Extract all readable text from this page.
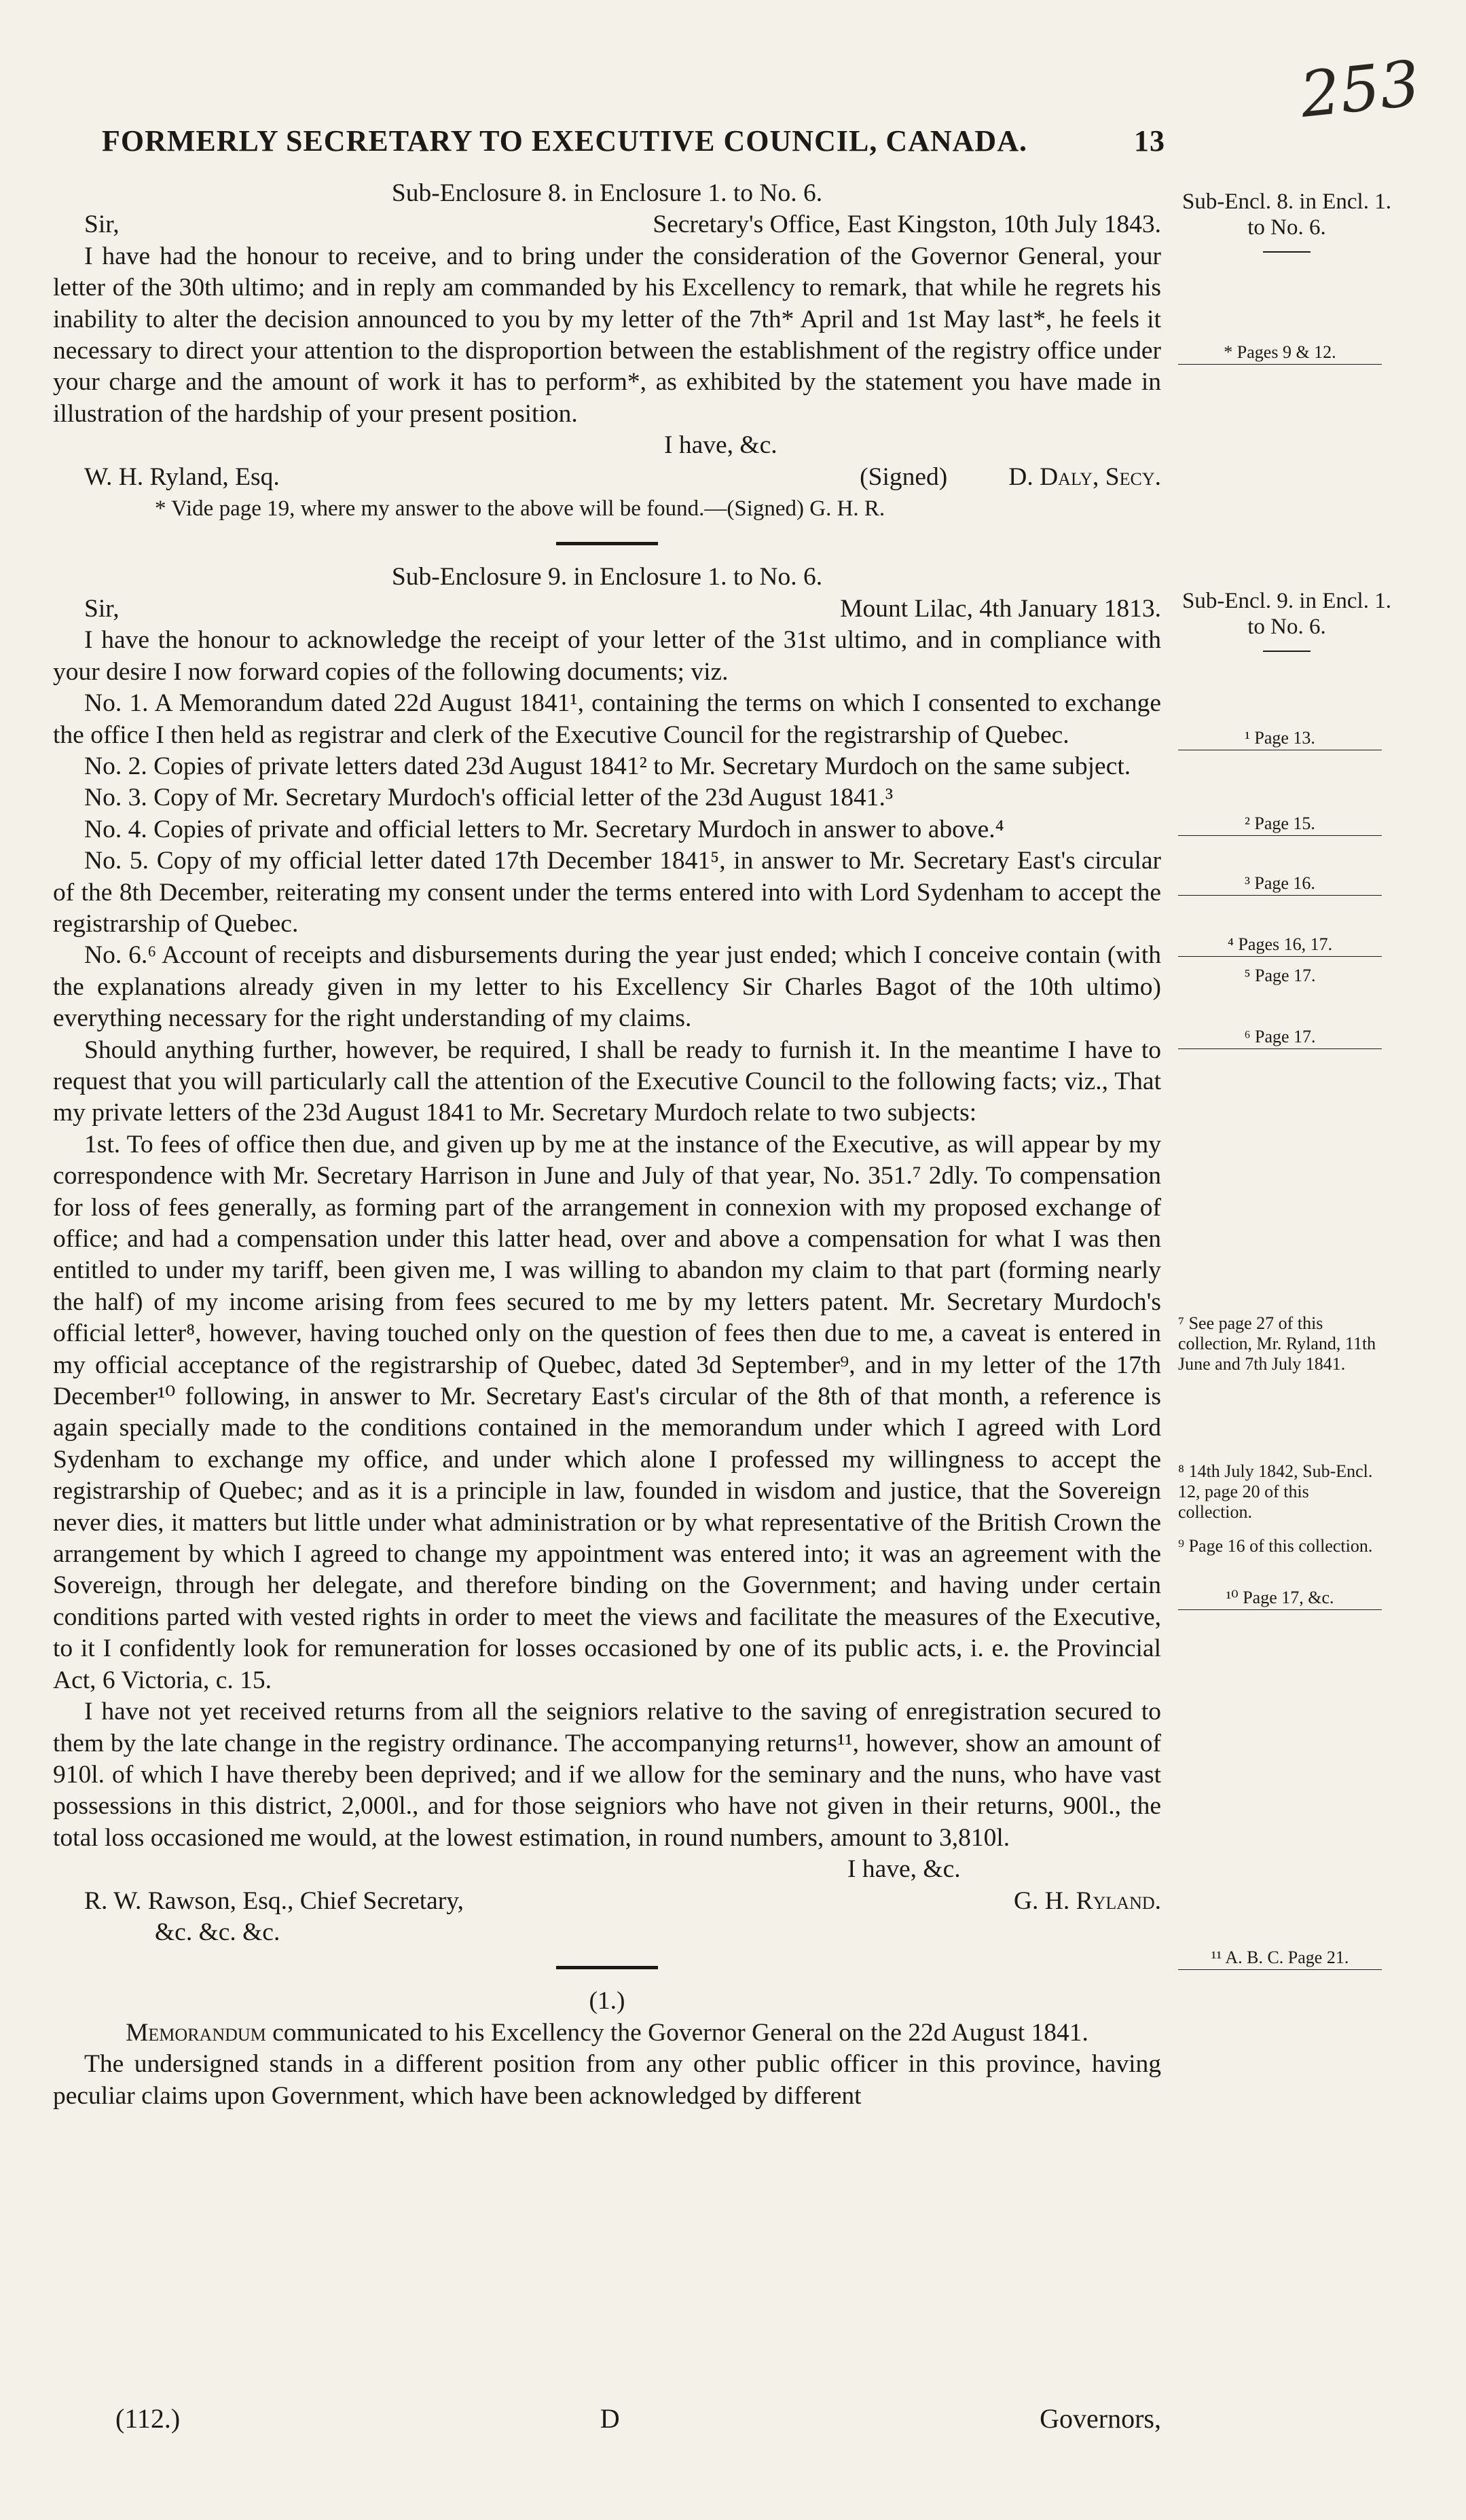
253
FORMERLY SECRETARY TO EXECUTIVE COUNCIL, CANADA.	13

Sub-Enclosure 8. in Enclosure 1. to No. 6.

Sir,	Secretary's Office, East Kingston, 10th July 1843.

I have had the honour to receive, and to bring under the consideration of the Governor General, your letter of the 30th ultimo; and in reply am commanded by his Excellency to remark, that while he regrets his inability to alter the decision announced to you by my letter of the 7th* April and 1st May last*, he feels it necessary to direct your attention to the disproportion between the establishment of the registry office under your charge and the amount of work it has to perform*, as exhibited by the statement you have made in illustration of the hardship of your present position.

I have, &c.

W. H. Ryland, Esq.	(Signed) D. Daly, Secy.

* Vide page 19, where my answer to the above will be found.—(Signed) G. H. R.

Sub-Enclosure 9. in Enclosure 1. to No. 6.

Sir,	Mount Lilac, 4th January 1813.

I have the honour to acknowledge the receipt of your letter of the 31st ultimo, and in compliance with your desire I now forward copies of the following documents; viz.

No. 1. A Memorandum dated 22d August 1841¹, containing the terms on which I consented to exchange the office I then held as registrar and clerk of the Executive Council for the registrarship of Quebec.

No. 2. Copies of private letters dated 23d August 1841² to Mr. Secretary Murdoch on the same subject.

No. 3. Copy of Mr. Secretary Murdoch's official letter of the 23d August 1841.³

No. 4. Copies of private and official letters to Mr. Secretary Murdoch in answer to above.⁴

No. 5. Copy of my official letter dated 17th December 1841⁵, in answer to Mr. Secretary East's circular of the 8th December, reiterating my consent under the terms entered into with Lord Sydenham to accept the registrarship of Quebec.

No. 6.⁶ Account of receipts and disbursements during the year just ended; which I conceive contain (with the explanations already given in my letter to his Excellency Sir Charles Bagot of the 10th ultimo) everything necessary for the right understanding of my claims.

Should anything further, however, be required, I shall be ready to furnish it. In the meantime I have to request that you will particularly call the attention of the Executive Council to the following facts; viz., That my private letters of the 23d August 1841 to Mr. Secretary Murdoch relate to two subjects:

1st. To fees of office then due, and given up by me at the instance of the Executive, as will appear by my correspondence with Mr. Secretary Harrison in June and July of that year, No. 351.⁷ 2dly. To compensation for loss of fees generally, as forming part of the arrangement in connexion with my proposed exchange of office; and had a compensation under this latter head, over and above a compensation for what I was then entitled to under my tariff, been given me, I was willing to abandon my claim to that part (forming nearly the half) of my income arising from fees secured to me by my letters patent. Mr. Secretary Murdoch's official letter⁸, however, having touched only on the question of fees then due to me, a caveat is entered in my official acceptance of the registrarship of Quebec, dated 3d September⁹, and in my letter of the 17th December¹⁰ following, in answer to Mr. Secretary East's circular of the 8th of that month, a reference is again specially made to the conditions contained in the memorandum under which I agreed with Lord Sydenham to exchange my office, and under which alone I professed my willingness to accept the registrarship of Quebec; and as it is a principle in law, founded in wisdom and justice, that the Sovereign never dies, it matters but little under what administration or by what representative of the British Crown the arrangement by which I agreed to change my appointment was entered into; it was an agreement with the Sovereign, through her delegate, and therefore binding on the Government; and having under certain conditions parted with vested rights in order to meet the views and facilitate the measures of the Executive, to it I confidently look for remuneration for losses occasioned by one of its public acts, i. e. the Provincial Act, 6 Victoria, c. 15.

I have not yet received returns from all the seigniors relative to the saving of enregistration secured to them by the late change in the registry ordinance. The accompanying returns¹¹, however, show an amount of 910l. of which I have thereby been deprived; and if we allow for the seminary and the nuns, who have vast possessions in this district, 2,000l., and for those seigniors who have not given in their returns, 900l., the total loss occasioned me would, at the lowest estimation, in round numbers, amount to 3,810l.

I have, &c.

R. W. Rawson, Esq., Chief Secretary,	G. H. Ryland.

&c. &c. &c.

(1.)

Memorandum communicated to his Excellency the Governor General on the 22d August 1841.

The undersigned stands in a different position from any other public officer in this province, having peculiar claims upon Government, which have been acknowledged by different

Sub-Encl. 8. in Encl. 1. to No. 6.
Sub-Encl. 9. in Encl. 1. to No. 6.
* Pages 9 & 12.
¹ Page 13.
² Page 15.
³ Page 16.
⁴ Pages 16, 17.
⁵ Page 17.
⁶ Page 17.
⁷ See page 27 of this collection, Mr. Ryland, 11th June and 7th July 1841.
⁸ 14th July 1842, Sub-Encl. 12, page 20 of this collection.
⁹ Page 16 of this collection.
¹⁰ Page 17, &c.
¹¹ A. B. C. Page 21.
(112.)	D	Governors,
